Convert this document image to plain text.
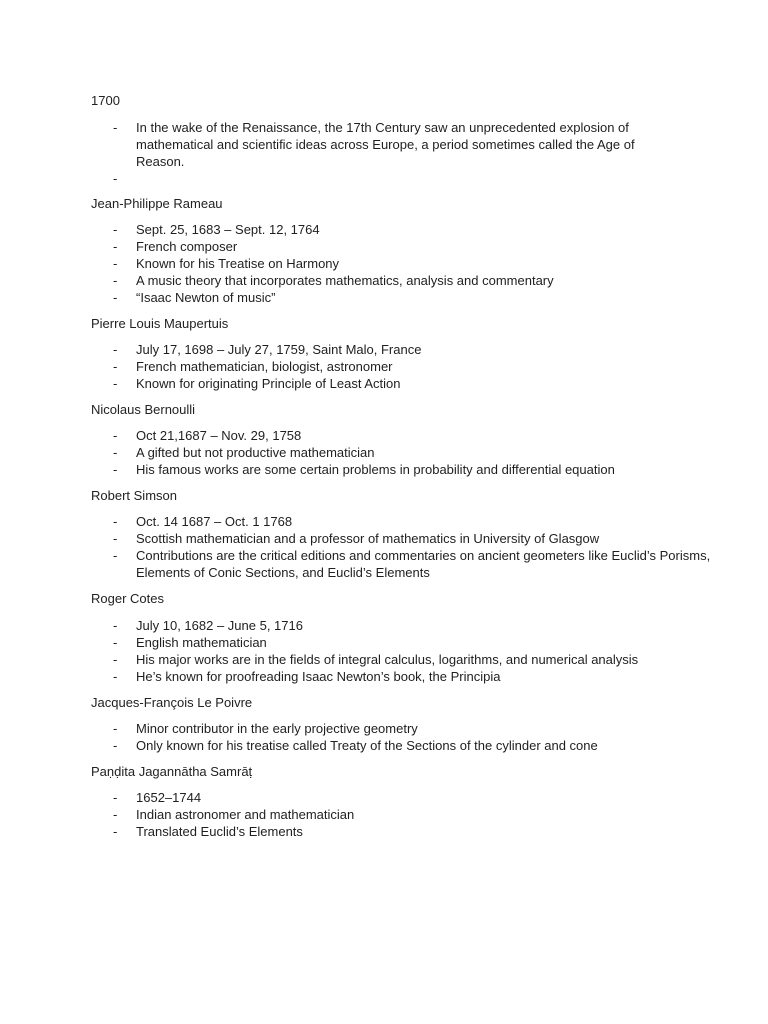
1700
- In the wake of the Renaissance, the 17th Century saw an unprecedented explosion of mathematical and scientific ideas across Europe, a period sometimes called the Age of Reason.
-
Jean-Philippe Rameau
- Sept. 25, 1683 – Sept. 12, 1764
- French composer
- Known for his Treatise on Harmony
- A music theory that incorporates mathematics, analysis and commentary
- “Isaac Newton of music”
Pierre Louis Maupertuis
- July 17, 1698 – July 27, 1759, Saint Malo, France
- French mathematician, biologist, astronomer
- Known for originating Principle of Least Action
Nicolaus Bernoulli
- Oct 21,1687 – Nov. 29, 1758
- A gifted but not productive mathematician
- His famous works are some certain problems in probability and differential equation
Robert Simson
- Oct. 14 1687 – Oct. 1 1768
- Scottish mathematician and a professor of mathematics in University of Glasgow
- Contributions are the critical editions and commentaries on ancient geometers like Euclid’s Porisms, Elements of Conic Sections, and Euclid’s Elements
Roger Cotes
- July 10, 1682 – June 5, 1716
- English mathematician
- His major works are in the fields of integral calculus, logarithms, and numerical analysis
- He’s known for proofreading Isaac Newton’s book, the Principia
Jacques-François Le Poivre
- Minor contributor in the early projective geometry
- Only known for his treatise called Treaty of the Sections of the cylinder and cone
Paṇḍita Jagannātha Samrāṭ
- 1652–1744
- Indian astronomer and mathematician
- Translated Euclid’s Elements
